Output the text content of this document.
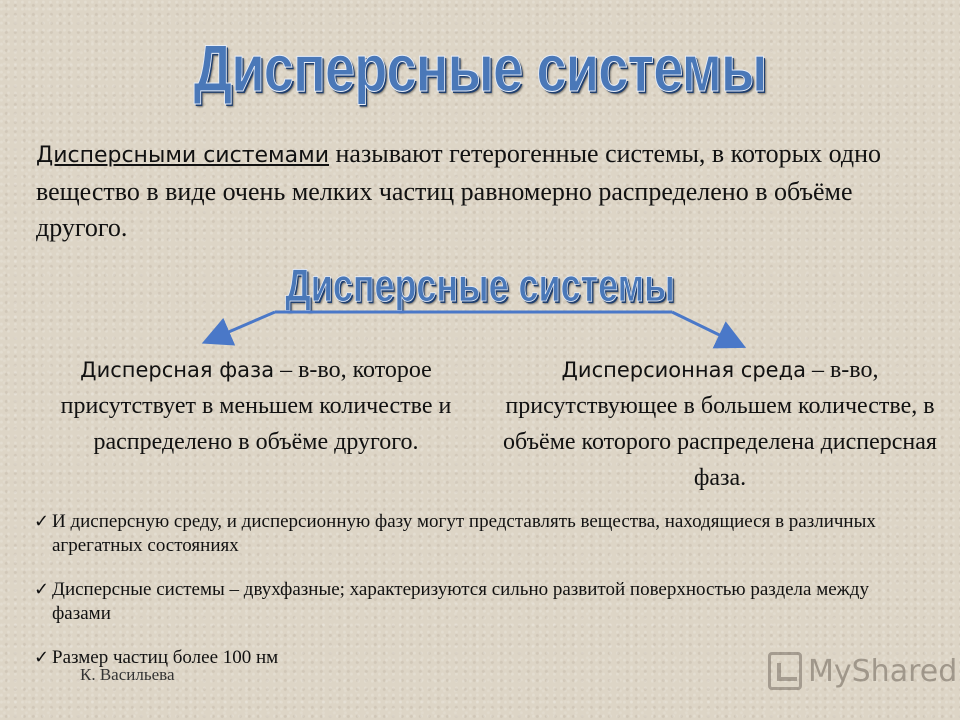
Дисперсные системы
Дисперсными системами называют гетерогенные системы, в которых одно вещество в виде очень мелких частиц равномерно распределено в объёме другого.
Дисперсные системы
Дисперсная фаза – в-во, которое присутствует в меньшем количестве и распределено в объёме другого.
Дисперсионная среда – в-во, присутствующее в большем количестве, в объёме которого распределена дисперсная фаза.
✓ И дисперсную среду, и дисперсионную фазу могут представлять вещества, находящиеся в различных агрегатных состояниях
✓ Дисперсные системы – двухфазные; характеризуются сильно развитой поверхностью раздела между фазами
✓ Размер частиц более 100 нм
К. Васильева	MyShared
